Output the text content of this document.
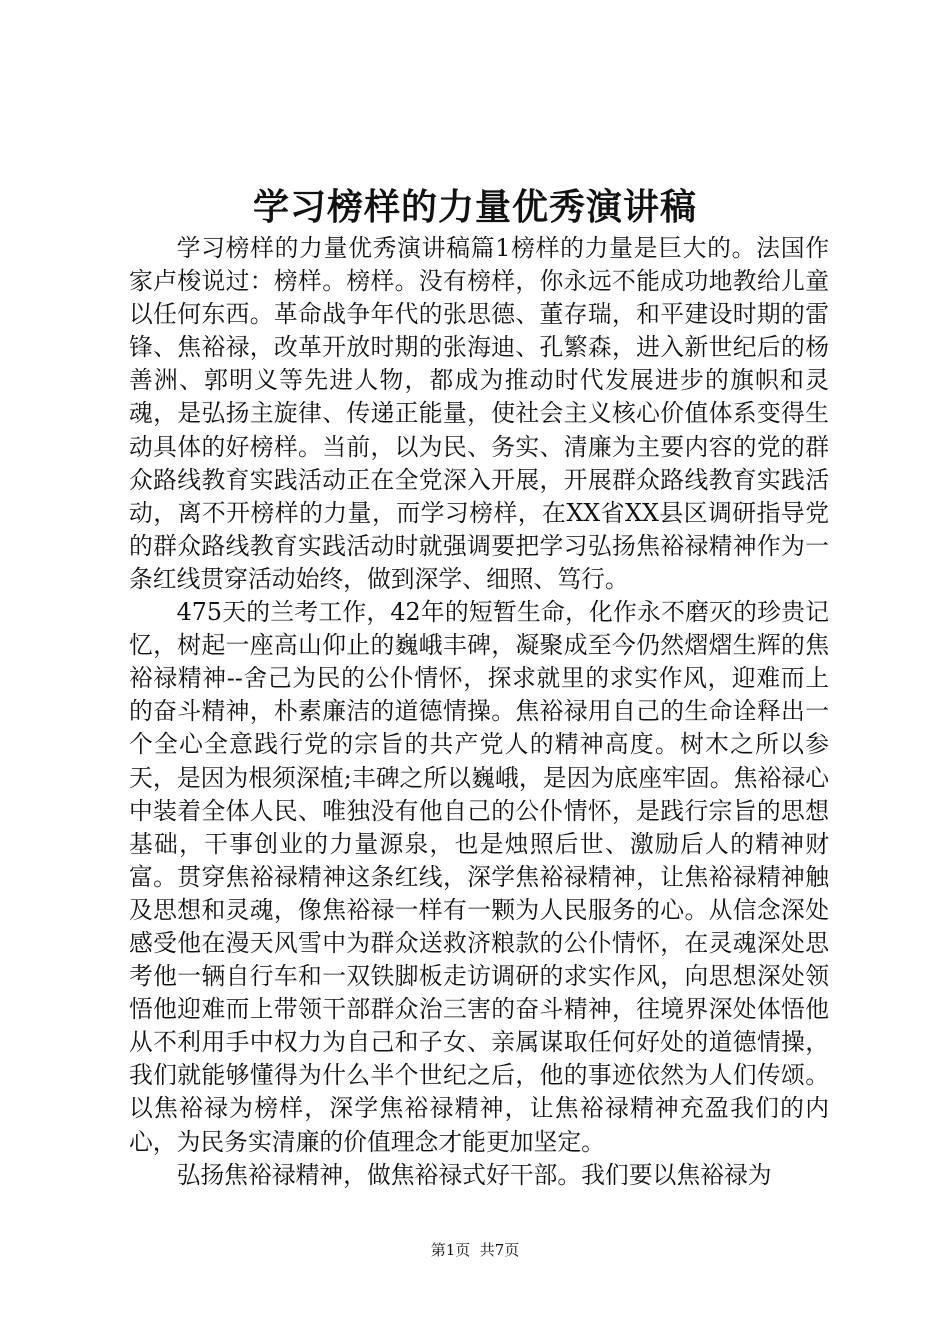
学习榜样的力量优秀演讲稿

学习榜样的力量优秀演讲稿篇1榜样的力量是巨大的。法国作家卢梭说过：榜样。榜样。没有榜样，你永远不能成功地教给儿童以任何东西。革命战争年代的张思德、董存瑞，和平建设时期的雷锋、焦裕禄，改革开放时期的张海迪、孔繁森，进入新世纪后的杨善洲、郭明义等先进人物，都成为推动时代发展进步的旗帜和灵魂，是弘扬主旋律、传递正能量，使社会主义核心价值体系变得生动具体的好榜样。当前，以为民、务实、清廉为主要内容的党的群众路线教育实践活动正在全党深入开展，开展群众路线教育实践活动，离不开榜样的力量，而学习榜样，在XX省XX县区调研指导党的群众路线教育实践活动时就强调要把学习弘扬焦裕禄精神作为一条红线贯穿活动始终，做到深学、细照、笃行。

475天的兰考工作，42年的短暂生命，化作永不磨灭的珍贵记忆，树起一座高山仰止的巍峨丰碑，凝聚成至今仍然熠熠生辉的焦裕禄精神--舍己为民的公仆情怀，探求就里的求实作风，迎难而上的奋斗精神，朴素廉洁的道德情操。焦裕禄用自己的生命诠释出一个全心全意践行党的宗旨的共产党人的精神高度。树木之所以参天，是因为根须深植;丰碑之所以巍峨，是因为底座牢固。焦裕禄心中装着全体人民、唯独没有他自己的公仆情怀，是践行宗旨的思想基础，干事创业的力量源泉，也是烛照后世、激励后人的精神财富。贯穿焦裕禄精神这条红线，深学焦裕禄精神，让焦裕禄精神触及思想和灵魂，像焦裕禄一样有一颗为人民服务的心。从信念深处感受他在漫天风雪中为群众送救济粮款的公仆情怀，在灵魂深处思考他一辆自行车和一双铁脚板走访调研的求实作风，向思想深处领悟他迎难而上带领干部群众治三害的奋斗精神，往境界深处体悟他从不利用手中权力为自己和子女、亲属谋取任何好处的道德情操，我们就能够懂得为什么半个世纪之后，他的事迹依然为人们传颂。以焦裕禄为榜样，深学焦裕禄精神，让焦裕禄精神充盈我们的内心，为民务实清廉的价值理念才能更加坚定。

弘扬焦裕禄精神，做焦裕禄式好干部。我们要以焦裕禄为

第1页  共7页
